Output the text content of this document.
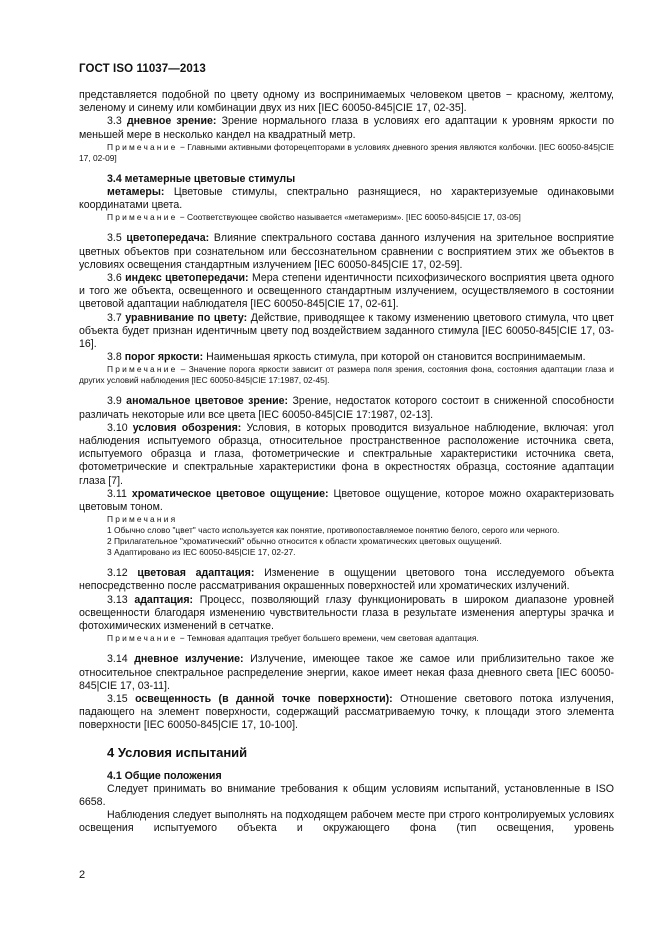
ГОСТ ISO 11037—2013

представляется подобной по цвету одному из воспринимаемых человеком цветов − красному, желтому, зеленому и синему или комбинации двух из них [IEC 60050-845|CIE 17, 02-35].

3.3 дневное зрение: Зрение нормального глаза в условиях его адаптации к уровням яркости по меньшей мере в несколько кандел на квадратный метр.

Примечание − Главными активными фоторецепторами в условиях дневного зрения являются колбочки. [IEC 60050-845|CIE 17, 02-09]

3.4 метамерные цветовые стимулы

метамеры: Цветовые стимулы, спектрально разнящиеся, но характеризуемые одинаковыми координатами цвета.

Примечание − Соответствующее свойство называется «метамеризм». [IEC 60050-845|CIE 17, 03-05]

3.5 цветопередача: Влияние спектрального состава данного излучения на зрительное восприятие цветных объектов при сознательном или бессознательном сравнении с восприятием этих же объектов в условиях освещения стандартным излучением [IEC 60050-845|CIE 17, 02-59].

3.6 индекс цветопередачи: Мера степени идентичности психофизического восприятия цвета одного и того же объекта, освещенного и освещенного стандартным излучением, осуществляемого в состоянии цветовой адаптации наблюдателя [IEC 60050-845|CIE 17, 02-61].

3.7 уравнивание по цвету: Действие, приводящее к такому изменению цветового стимула, что цвет объекта будет признан идентичным цвету под воздействием заданного стимула [IEC 60050-845|CIE 17, 03-16].

3.8 порог яркости: Наименьшая яркость стимула, при которой он становится воспринимаемым.

Примечание – Значение порога яркости зависит от размера поля зрения, состояния фона, состояния адаптации глаза и других условий наблюдения [IEC 60050-845|CIE 17:1987, 02-45].

3.9 аномальное цветовое зрение: Зрение, недостаток которого состоит в сниженной способности различать некоторые или все цвета [IEC 60050-845|CIE 17:1987, 02-13].

3.10 условия обозрения: Условия, в которых проводится визуальное наблюдение, включая: угол наблюдения испытуемого образца, относительное пространственное расположение источника света, испытуемого образца и глаза, фотометрические и спектральные характеристики источника света, фотометрические и спектральные характеристики фона в окрестностях образца, состояние адаптации глаза [7].

3.11 хроматическое цветовое ощущение: Цветовое ощущение, которое можно охарактеризовать цветовым тоном.

Примечания

1 Обычно слово "цвет" часто используется как понятие, противопоставляемое понятию белого, серого или черного.

2 Прилагательное "хроматический" обычно относится к области хроматических цветовых ощущений.

3 Адаптировано из IEC 60050-845|CIE 17, 02-27.

3.12 цветовая адаптация: Изменение в ощущении цветового тона исследуемого объекта непосредственно после рассматривания окрашенных поверхностей или хроматических излучений.

3.13 адаптация: Процесс, позволяющий глазу функционировать в широком диапазоне уровней освещенности благодаря изменению чувствительности глаза в результате изменения апертуры зрачка и фотохимических изменений в сетчатке.

Примечание − Темновая адаптация требует большего времени, чем световая адаптация.

3.14 дневное излучение: Излучение, имеющее такое же самое или приблизительно такое же относительное спектральное распределение энергии, какое имеет некая фаза дневного света [IEC 60050-845|CIE 17, 03-11].

3.15 освещенность (в данной точке поверхности): Отношение светового потока излучения, падающего на элемент поверхности, содержащий рассматриваемую точку, к площади этого элемента поверхности [IEC 60050-845|CIE 17, 10-100].

4 Условия испытаний

4.1 Общие положения

Следует принимать во внимание требования к общим условиям испытаний, установленные в ISO 6658.

Наблюдения следует выполнять на подходящем рабочем месте при строго контролируемых условиях освещения испытуемого объекта и окружающего фона (тип освещения, уровень

2
